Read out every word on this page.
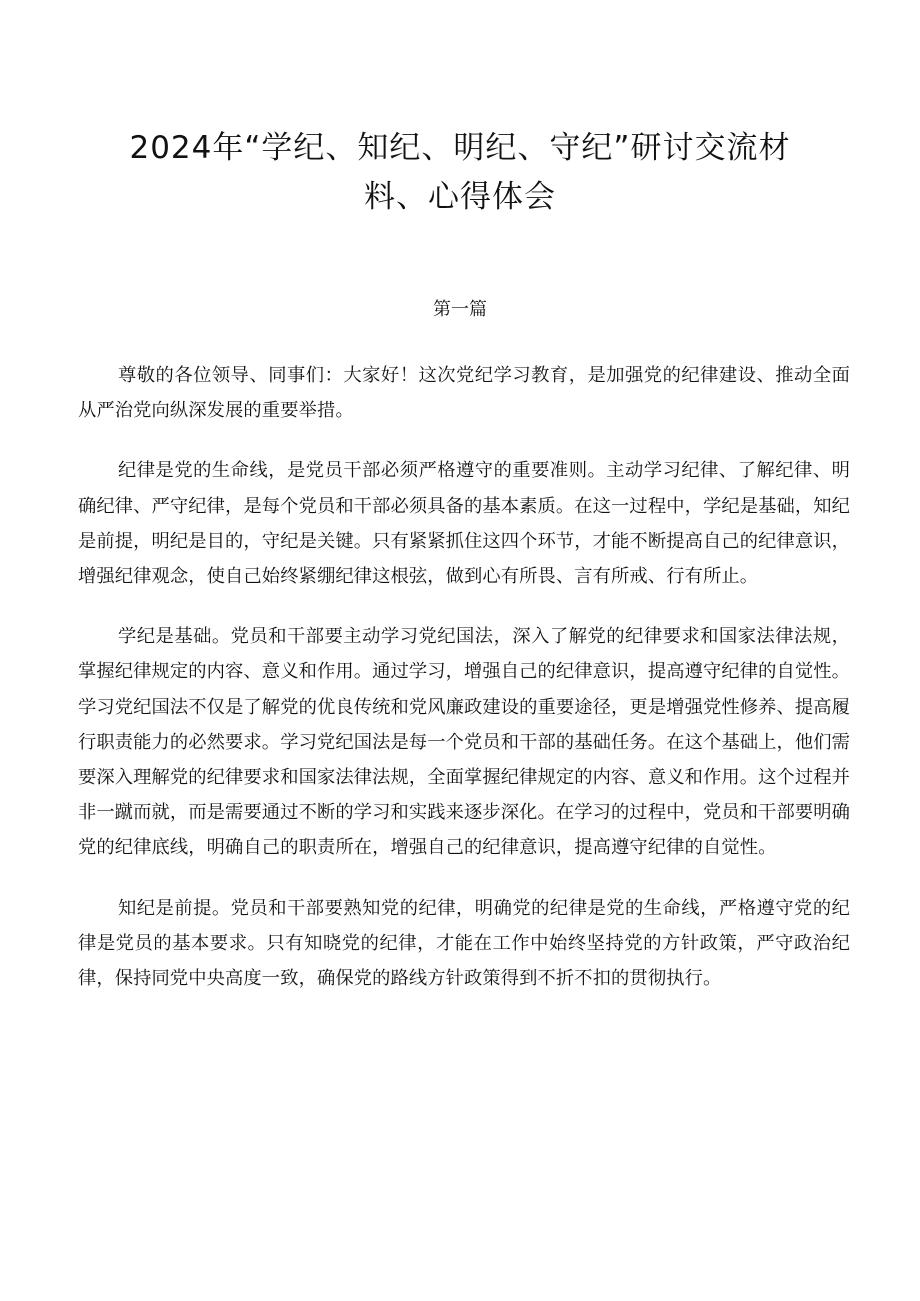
2024年“学纪、知纪、明纪、守纪”研讨交流材
料、心得体会
第一篇

尊敬的各位领导、同事们：大家好！这次党纪学习教育，是加强党的纪律建设、推动全面从严治党向纵深发展的重要举措。

纪律是党的生命线，是党员干部必须严格遵守的重要准则。主动学习纪律、了解纪律、明确纪律、严守纪律，是每个党员和干部必须具备的基本素质。在这一过程中，学纪是基础，知纪是前提，明纪是目的，守纪是关键。只有紧紧抓住这四个环节，才能不断提高自己的纪律意识，增强纪律观念，使自己始终紧绷纪律这根弦，做到心有所畏、言有所戒、行有所止。

学纪是基础。党员和干部要主动学习党纪国法，深入了解党的纪律要求和国家法律法规，掌握纪律规定的内容、意义和作用。通过学习，增强自己的纪律意识，提高遵守纪律的自觉性。学习党纪国法不仅是了解党的优良传统和党风廉政建设的重要途径，更是增强党性修养、提高履行职责能力的必然要求。学习党纪国法是每一个党员和干部的基础任务。在这个基础上，他们需要深入理解党的纪律要求和国家法律法规，全面掌握纪律规定的内容、意义和作用。这个过程并非一蹴而就，而是需要通过不断的学习和实践来逐步深化。在学习的过程中，党员和干部要明确党的纪律底线，明确自己的职责所在，增强自己的纪律意识，提高遵守纪律的自觉性。

知纪是前提。党员和干部要熟知党的纪律，明确党的纪律是党的生命线，严格遵守党的纪律是党员的基本要求。只有知晓党的纪律，才能在工作中始终坚持党的方针政策，严守政治纪律，保持同党中央高度一致，确保党的路线方针政策得到不折不扣的贯彻执行。
